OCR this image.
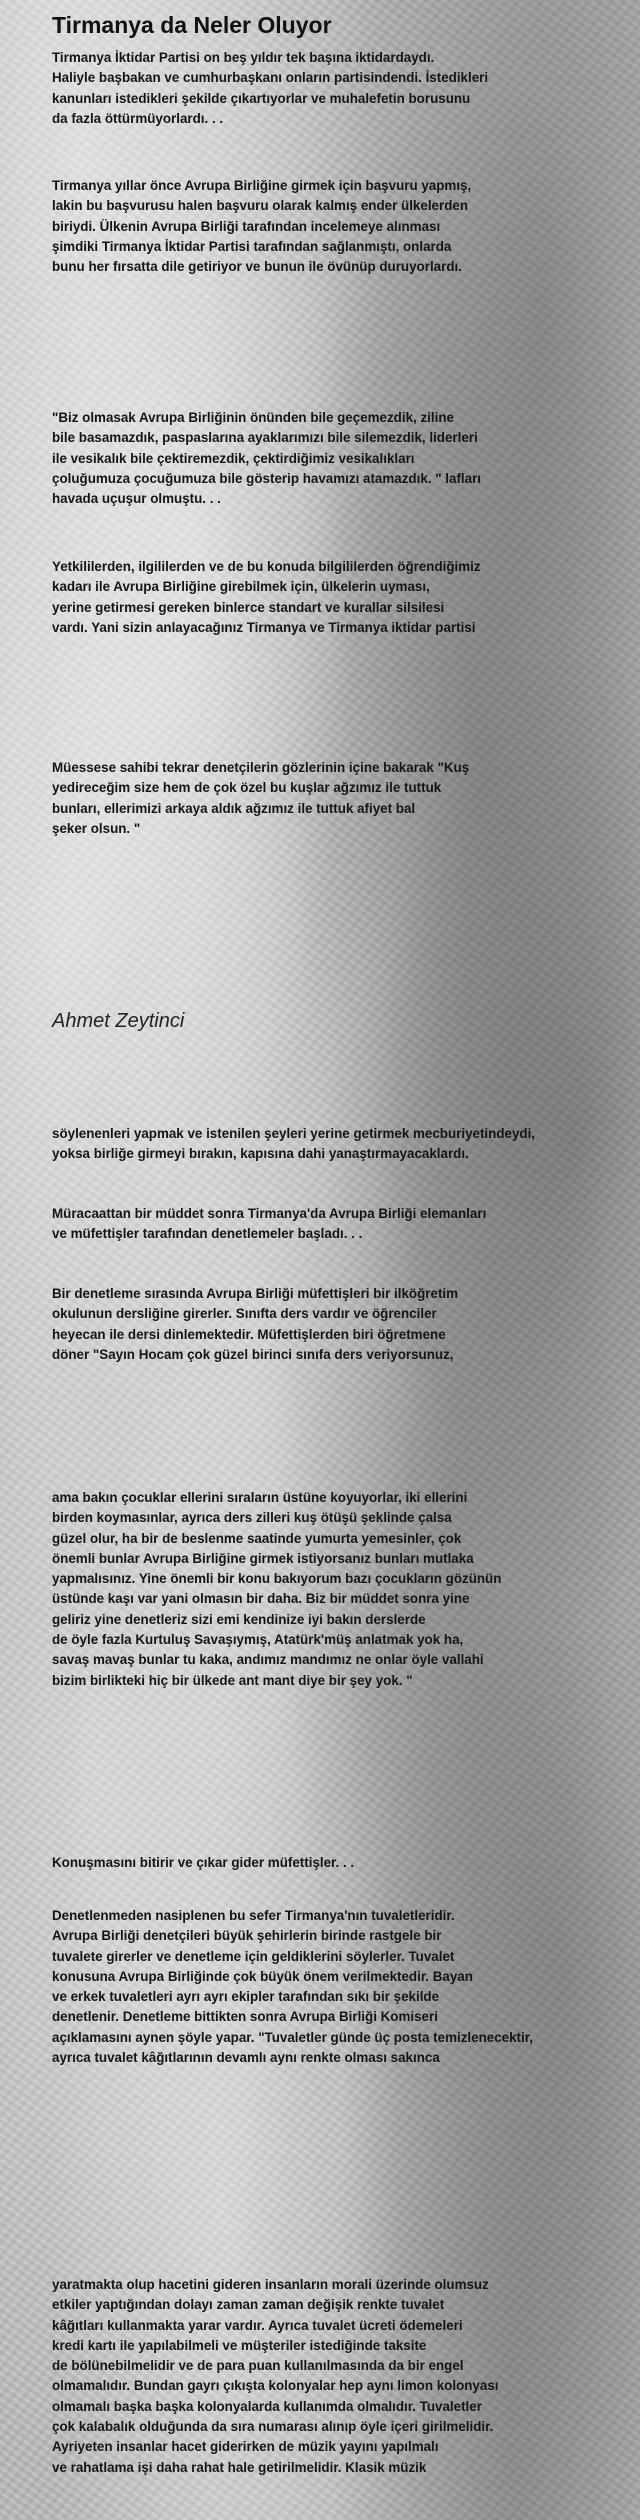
Tirmanya da Neler Oluyor

Tirmanya İktidar Partisi on beş yıldır tek başına iktidardaydı.
Haliyle başbakan ve cumhurbaşkanı onların partisindendi. İstedikleri
kanunları istedikleri şekilde çıkartıyorlar ve muhalefetin borusunu
da fazla öttürmüyorlardı. . .

Tirmanya yıllar önce Avrupa Birliğine girmek için başvuru yapmış,
lakin bu başvurusu halen başvuru olarak kalmış ender ülkelerden
biriydi. Ülkenin Avrupa Birliği tarafından incelemeye alınması
şimdiki Tirmanya İktidar Partisi tarafından sağlanmıştı, onlarda
bunu her fırsatta dile getiriyor ve bunun ile övünüp duruyorlardı.

"Biz olmasak Avrupa Birliğinin önünden bile geçemezdik, ziline
bile basamazdık, paspaslarına ayaklarımızı bile silemezdik, liderleri
ile vesikalık bile çektiremezdik, çektirdiğimiz vesikalıkları
çoluğumuza çocuğumuza bile gösterip havamızı atamazdık. " lafları
havada uçuşur olmuştu. . .

Yetkililerden, ilgililerden ve de bu konuda bilgililerden öğrendiğimiz
kadarı ile Avrupa Birliğine girebilmek için, ülkelerin uyması,
yerine getirmesi gereken binlerce standart ve kurallar silsilesi
vardı. Yani sizin anlayacağınız Tirmanya ve Tirmanya iktidar partisi

Müessese sahibi tekrar denetçilerin gözlerinin içine bakarak "Kuş
yedireceğim size hem de çok özel bu kuşlar ağzımız ile tuttuk
bunları, ellerimizi arkaya aldık ağzımız ile tuttuk afiyet bal
şeker olsun. "

Ahmet Zeytinci

söylenenleri yapmak ve istenilen şeyleri yerine getirmek mecburiyetindeydi,
yoksa birliğe girmeyi bırakın, kapısına dahi yanaştırmayacaklardı.

Müracaattan bir müddet sonra Tirmanya'da Avrupa Birliği elemanları
ve müfettişler tarafından denetlemeler başladı. . .

Bir denetleme sırasında Avrupa Birliği müfettişleri bir ilköğretim
okulunun dersliğine girerler. Sınıfta ders vardır ve öğrenciler
heyecan ile dersi dinlemektedir. Müfettişlerden biri öğretmene
döner "Sayın Hocam çok güzel birinci sınıfa ders veriyorsunuz,

ama bakın çocuklar ellerini sıraların üstüne koyuyorlar, iki ellerini
birden koymasınlar, ayrıca ders zilleri kuş ötüşü şeklinde çalsa
güzel olur, ha bir de beslenme saatinde yumurta yemesinler, çok
önemli bunlar Avrupa Birliğine girmek istiyorsanız bunları mutlaka
yapmalısınız. Yine önemli bir konu bakıyorum bazı çocukların gözünün
üstünde kaşı var yani olmasın bir daha. Biz bir müddet sonra yine
geliriz yine denetleriz sizi emi kendinize iyi bakın derslerde
de öyle fazla Kurtuluş Savaşıymış, Atatürk'müş anlatmak yok ha,
savaş mavaş bunlar tu kaka, andımız mandımız ne onlar öyle vallahi
bizim birlikteki hiç bir ülkede ant mant diye bir şey yok. "

Konuşmasını bitirir ve çıkar gider müfettişler. . .

Denetlenmeden nasiplenen bu sefer Tirmanya'nın tuvaletleridir.
Avrupa Birliği denetçileri büyük şehirlerin birinde rastgele bir
tuvalete girerler ve denetleme için geldiklerini söylerler. Tuvalet
konusuna Avrupa Birliğinde çok büyük önem verilmektedir. Bayan
ve erkek tuvaletleri ayrı ayrı ekipler tarafından sıkı bir şekilde
denetlenir. Denetleme bittikten sonra Avrupa Birliği Komiseri
açıklamasını aynen şöyle yapar. "Tuvaletler günde üç posta temizlenecektir,
ayrıca tuvalet kâğıtlarının devamlı aynı renkte olması sakınca

yaratmakta olup hacetini gideren insanların morali üzerinde olumsuz
etkiler yaptığından dolayı zaman zaman değişik renkte tuvalet
kâğıtları kullanmakta yarar vardır. Ayrıca tuvalet ücreti ödemeleri
kredi kartı ile yapılabilmeli ve müşteriler istediğinde taksite
de bölünebilmelidir ve de para puan kullanılmasında da bir engel
olmamalıdır. Bundan gayrı çıkışta kolonyalar hep aynı limon kolonyası
olmamalı başka başka kolonyalarda kullanımda olmalıdır. Tuvaletler
çok kalabalık olduğunda da sıra numarası alınıp öyle içeri girilmelidir.
Ayriyeten insanlar hacet giderirken de müzik yayını yapılmalı
ve rahatlama işi daha rahat hale getirilmelidir. Klasik müzik
